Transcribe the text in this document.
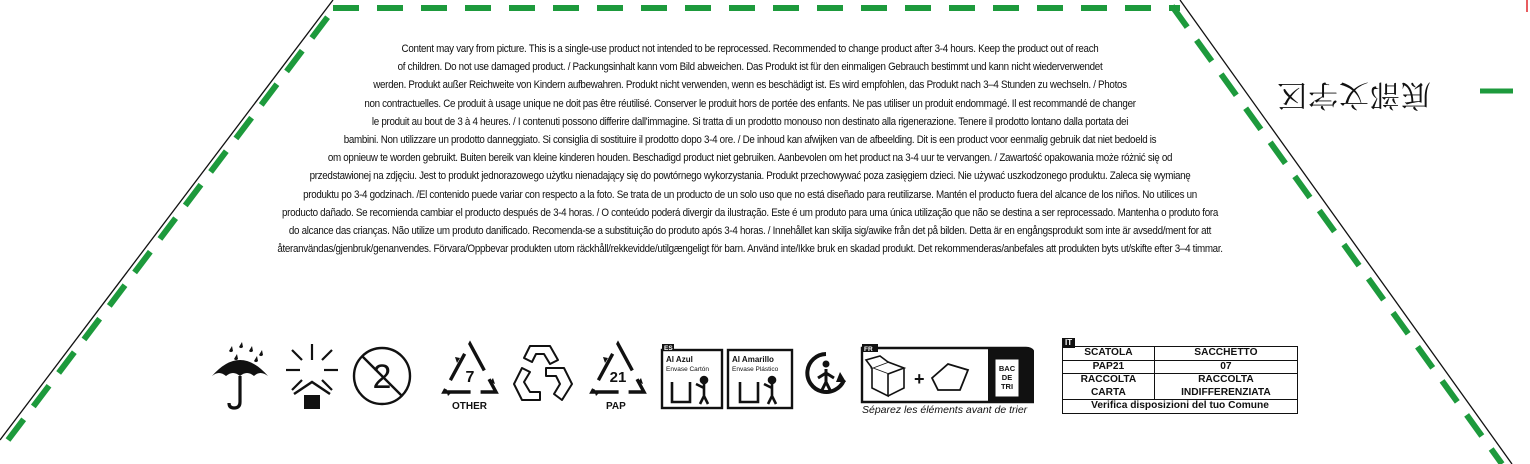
Content may vary from picture. This is a single-use product not intended to be reprocessed. Recommended to change product after 3-4 hours. Keep the product out of reach
of children. Do not use damaged product. / Packungsinhalt kann vom Bild abweichen. Das Produkt ist für den einmaligen Gebrauch bestimmt und kann nicht wiederverwendet
werden. Produkt außer Reichweite von Kindern aufbewahren. Produkt nicht verwenden, wenn es beschädigt ist. Es wird empfohlen, das Produkt nach 3–4 Stunden zu wechseln. / Photos
non contractuelles. Ce produit à usage unique ne doit pas être réutilisé. Conserver le produit hors de portée des enfants. Ne pas utiliser un produit endommagé. Il est recommandé de changer
le produit au bout de 3 à 4 heures. / I contenuti possono differire dall'immagine. Si tratta di un prodotto monouso non destinato alla rigenerazione. Tenere il prodotto lontano dalla portata dei
bambini. Non utilizzare un prodotto danneggiato. Si consiglia di sostituire il prodotto dopo 3-4 ore. / De inhoud kan afwijken van de afbeelding. Dit is een product voor eenmalig gebruik dat niet bedoeld is
om opnieuw te worden gebruikt. Buiten bereik van kleine kinderen houden. Beschadigd product niet gebruiken. Aanbevolen om het product na 3-4 uur te vervangen. / Zawartość opakowania może różnić się od
przedstawionej na zdjęciu. Jest to produkt jednorazowego użytku nienadający się do powtórnego wykorzystania. Produkt przechowywać poza zasięgiem dzieci. Nie używać uszkodzonego produktu. Zaleca się wymianę
produktu po 3-4 godzinach. /El contenido puede variar con respecto a la foto. Se trata de un producto de un solo uso que no está diseñado para reutilizarse. Mantén el producto fuera del alcance de los niños. No utilices un
producto dañado. Se recomienda cambiar el producto después de 3-4 horas. / O conteúdo poderá divergir da ilustração. Este é um produto para uma única utilização que não se destina a ser reprocessado. Mantenha o produto fora
do alcance das crianças. Não utilize um produto danificado. Recomenda-se a substituição do produto após 3-4 horas. / Innehållet kan skilja sig/awike från det på bilden. Detta är en engångsprodukt som inte är avsedd/ment for att
återanvändas/gjenbruk/genanvendes. Förvara/Oppbevar produkten utom räckhåll/rekkevidde/utilgængeligt för barn. Använd inte/Ikke bruk en skadad produkt. Det rekommenderas/anbefales att produkten byts ut/skifte efter 3–4 timmar.
底部文字区
2	7
OTHER
21
PAP
ES
Al Azul
Envase Cartón
Al Amarillo
Envase Plástico
FR
+
BAC
DE
TRI
Séparez les éléments avant de trier
IT
SCATOLA	SACCHETTO
PAP21	07
RACCOLTA CARTA	RACCOLTA INDIFFERENZIATA
Verifica disposizioni del tuo Comune	
